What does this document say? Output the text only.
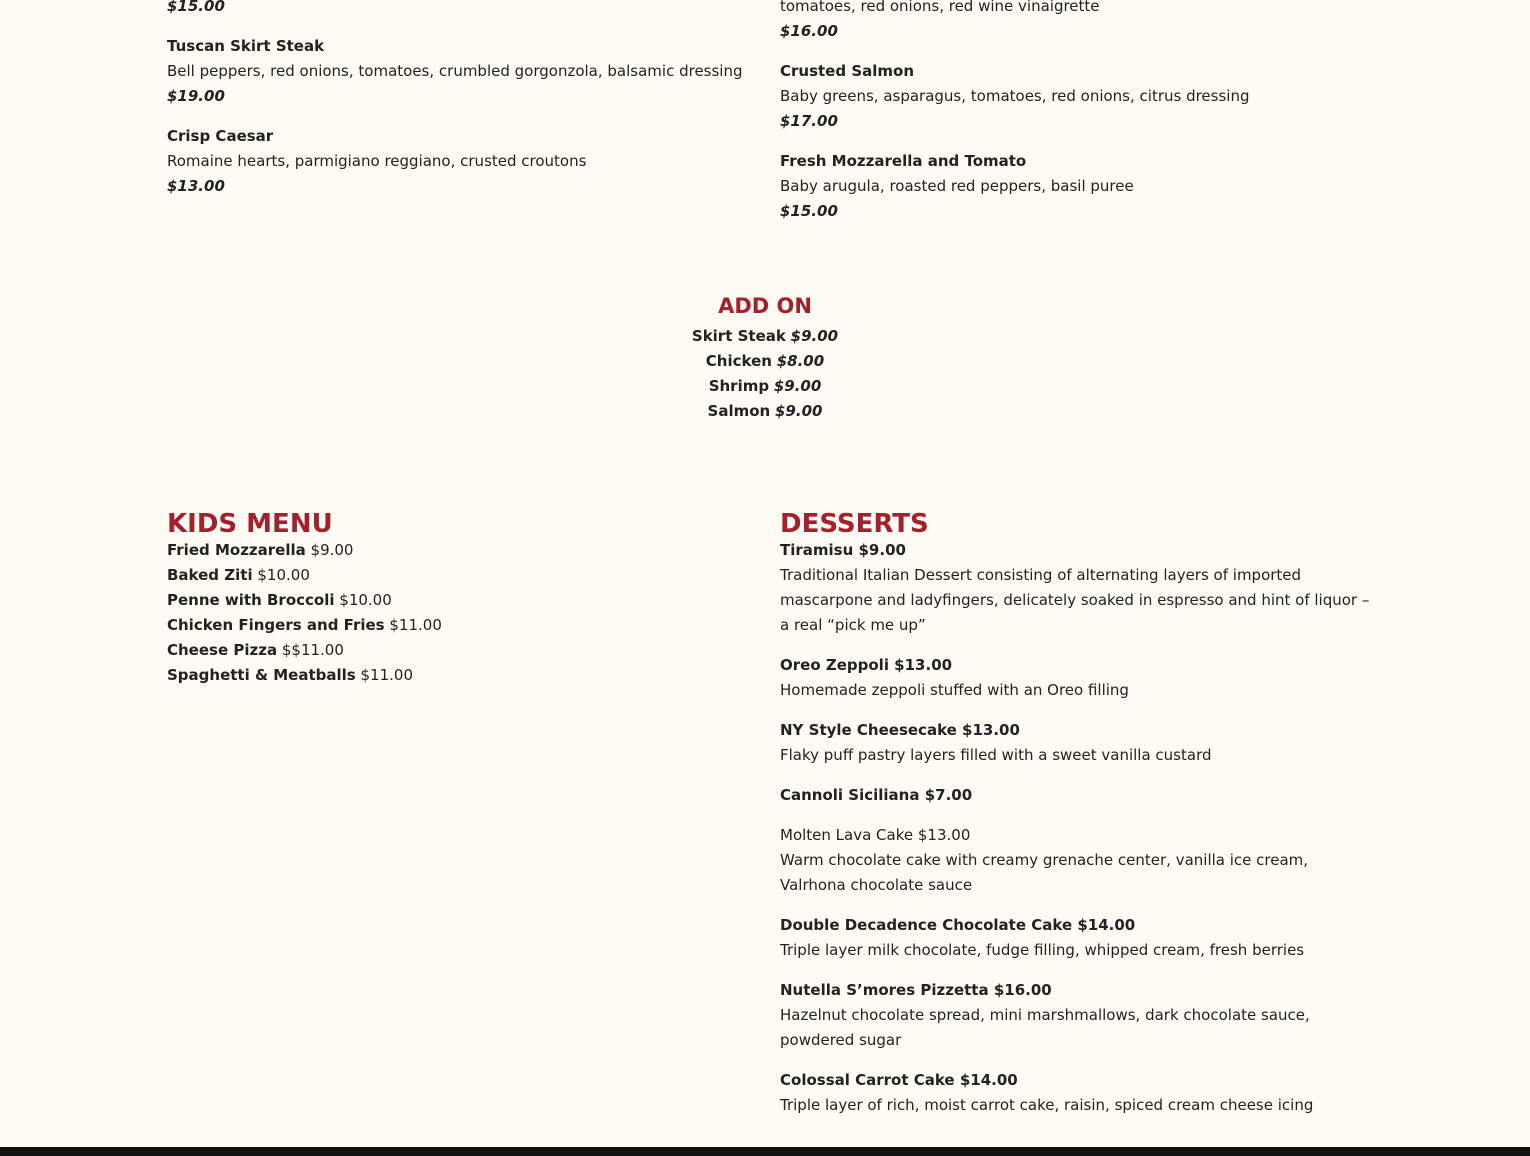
$15.00
Tuscan Skirt Steak
Bell peppers, red onions, tomatoes, crumbled gorgonzola, balsamic dressing
$19.00
Crisp Caesar
Romaine hearts, parmigiano reggiano, crusted croutons
$13.00
tomatoes, red onions, red wine vinaigrette
$16.00
Crusted Salmon
Baby greens, asparagus, tomatoes, red onions, citrus dressing
$17.00
Fresh Mozzarella and Tomato
Baby arugula, roasted red peppers, basil puree
$15.00
ADD ON
Skirt Steak $9.00
Chicken $8.00
Shrimp $9.00
Salmon $9.00
KIDS MENU
Fried Mozzarella $9.00
Baked Ziti $10.00
Penne with Broccoli $10.00
Chicken Fingers and Fries $11.00
Cheese Pizza $$11.00
Spaghetti & Meatballs $11.00
DESSERTS
Tiramisu $9.00
Traditional Italian Dessert consisting of alternating layers of imported mascarpone and ladyfingers, delicately soaked in espresso and hint of liquor – a real “pick me up”
Oreo Zeppoli $13.00
Homemade zeppoli stuffed with an Oreo filling
NY Style Cheesecake $13.00
Flaky puff pastry layers filled with a sweet vanilla custard
Cannoli Siciliana $7.00
Molten Lava Cake $13.00
Warm chocolate cake with creamy grenache center, vanilla ice cream, Valrhona chocolate sauce
Double Decadence Chocolate Cake $14.00
Triple layer milk chocolate, fudge filling, whipped cream, fresh berries
Nutella S’mores Pizzetta $16.00
Hazelnut chocolate spread, mini marshmallows, dark chocolate sauce, powdered sugar
Colossal Carrot Cake $14.00
Triple layer of rich, moist carrot cake, raisin, spiced cream cheese icing
